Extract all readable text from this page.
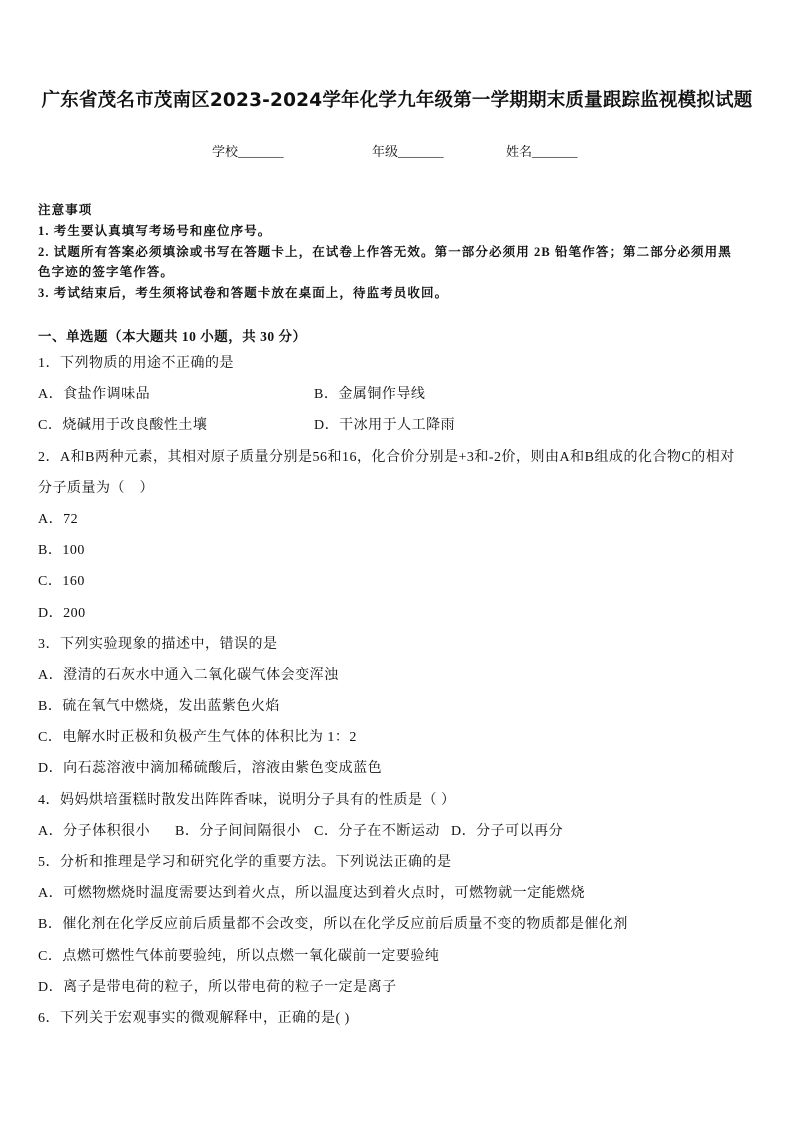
广东省茂名市茂南区2023-2024学年化学九年级第一学期期末质量跟踪监视模拟试题
学校_______	年级_______	姓名_______
注意事项
1. 考生要认真填写考场号和座位序号。
2. 试题所有答案必须填涂或书写在答题卡上，在试卷上作答无效。第一部分必须用 2B 铅笔作答；第二部分必须用黑
色字迹的签字笔作答。
3. 考试结束后，考生须将试卷和答题卡放在桌面上，待监考员收回。
一、单选题（本大题共 10 小题，共 30 分）
1．下列物质的用途不正确的是
A．食盐作调味品	B．金属铜作导线
C．烧碱用于改良酸性土壤	D．干冰用于人工降雨
2．A和B两种元素，其相对原子质量分别是56和16，化合价分别是+3和-2价，则由A和B组成的化合物C的相对
分子质量为（　）
A．72
B．100
C．160
D．200
3．下列实验现象的描述中，错误的是
A．澄清的石灰水中通入二氧化碳气体会变浑浊
B．硫在氧气中燃烧，发出蓝紫色火焰
C．电解水时正极和负极产生气体的体积比为 1：2
D．向石蕊溶液中滴加稀硫酸后，溶液由紫色变成蓝色
4．妈妈烘培蛋糕时散发出阵阵香味，说明分子具有的性质是（ ）
A．分子体积很小 B．分子间间隔很小 C．分子在不断运动 D．分子可以再分
5．分析和推理是学习和研究化学的重要方法。下列说法正确的是
A．可燃物燃烧时温度需要达到着火点，所以温度达到着火点时，可燃物就一定能燃烧
B．催化剂在化学反应前后质量都不会改变，所以在化学反应前后质量不变的物质都是催化剂
C．点燃可燃性气体前要验纯，所以点燃一氧化碳前一定要验纯
D．离子是带电荷的粒子，所以带电荷的粒子一定是离子
6．下列关于宏观事实的微观解释中，正确的是( )
